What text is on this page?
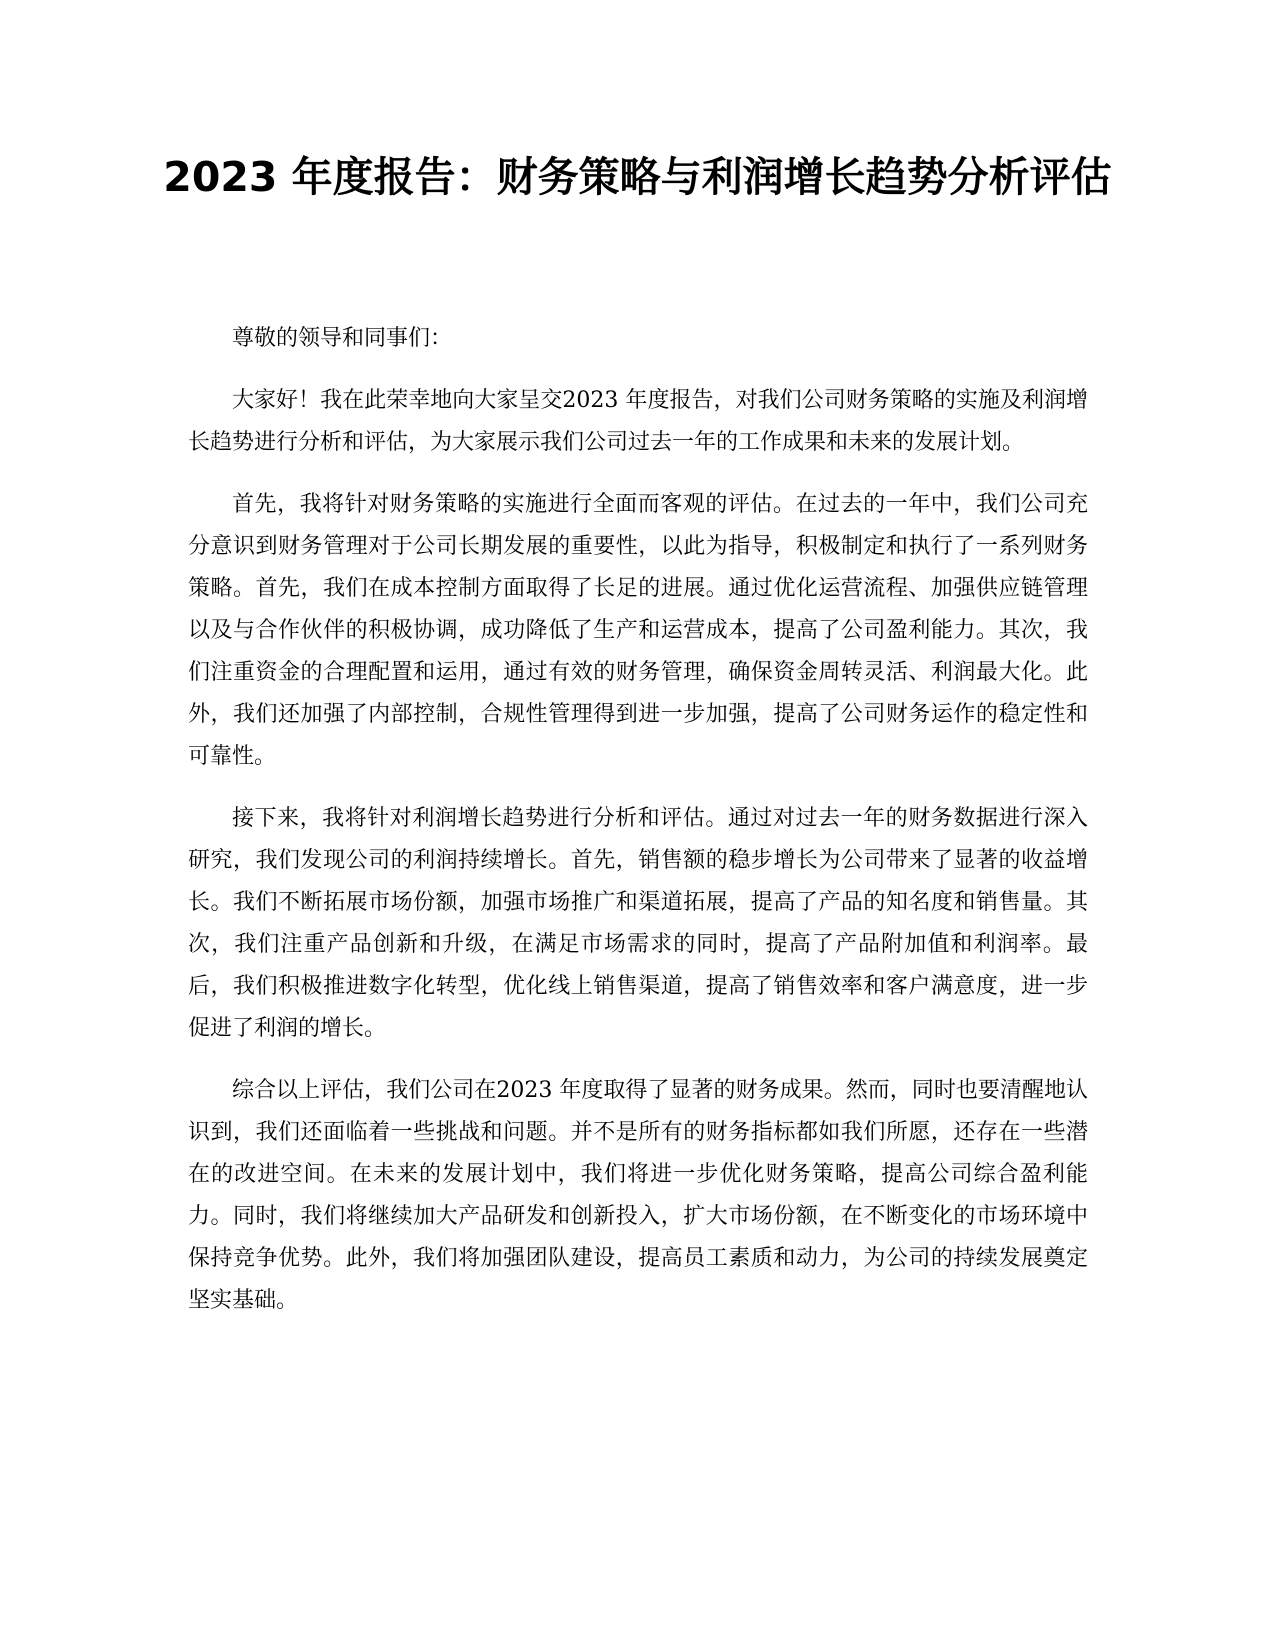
2023 年度报告：财务策略与利润增长趋势分析评估

尊敬的领导和同事们：

大家好！我在此荣幸地向大家呈交2023 年度报告，对我们公司财务策略的实施及利润增长趋势进行分析和评估，为大家展示我们公司过去一年的工作成果和未来的发展计划。

首先，我将针对财务策略的实施进行全面而客观的评估。在过去的一年中，我们公司充分意识到财务管理对于公司长期发展的重要性，以此为指导，积极制定和执行了一系列财务策略。首先，我们在成本控制方面取得了长足的进展。通过优化运营流程、加强供应链管理以及与合作伙伴的积极协调，成功降低了生产和运营成本，提高了公司盈利能力。其次，我们注重资金的合理配置和运用，通过有效的财务管理，确保资金周转灵活、利润最大化。此外，我们还加强了内部控制，合规性管理得到进一步加强，提高了公司财务运作的稳定性和可靠性。

接下来，我将针对利润增长趋势进行分析和评估。通过对过去一年的财务数据进行深入研究，我们发现公司的利润持续增长。首先，销售额的稳步增长为公司带来了显著的收益增长。我们不断拓展市场份额，加强市场推广和渠道拓展，提高了产品的知名度和销售量。其次，我们注重产品创新和升级，在满足市场需求的同时，提高了产品附加值和利润率。最后，我们积极推进数字化转型，优化线上销售渠道，提高了销售效率和客户满意度，进一步促进了利润的增长。

综合以上评估，我们公司在2023 年度取得了显著的财务成果。然而，同时也要清醒地认识到，我们还面临着一些挑战和问题。并不是所有的财务指标都如我们所愿，还存在一些潜在的改进空间。在未来的发展计划中，我们将进一步优化财务策略，提高公司综合盈利能力。同时，我们将继续加大产品研发和创新投入，扩大市场份额，在不断变化的市场环境中保持竞争优势。此外，我们将加强团队建设，提高员工素质和动力，为公司的持续发展奠定坚实基础。
